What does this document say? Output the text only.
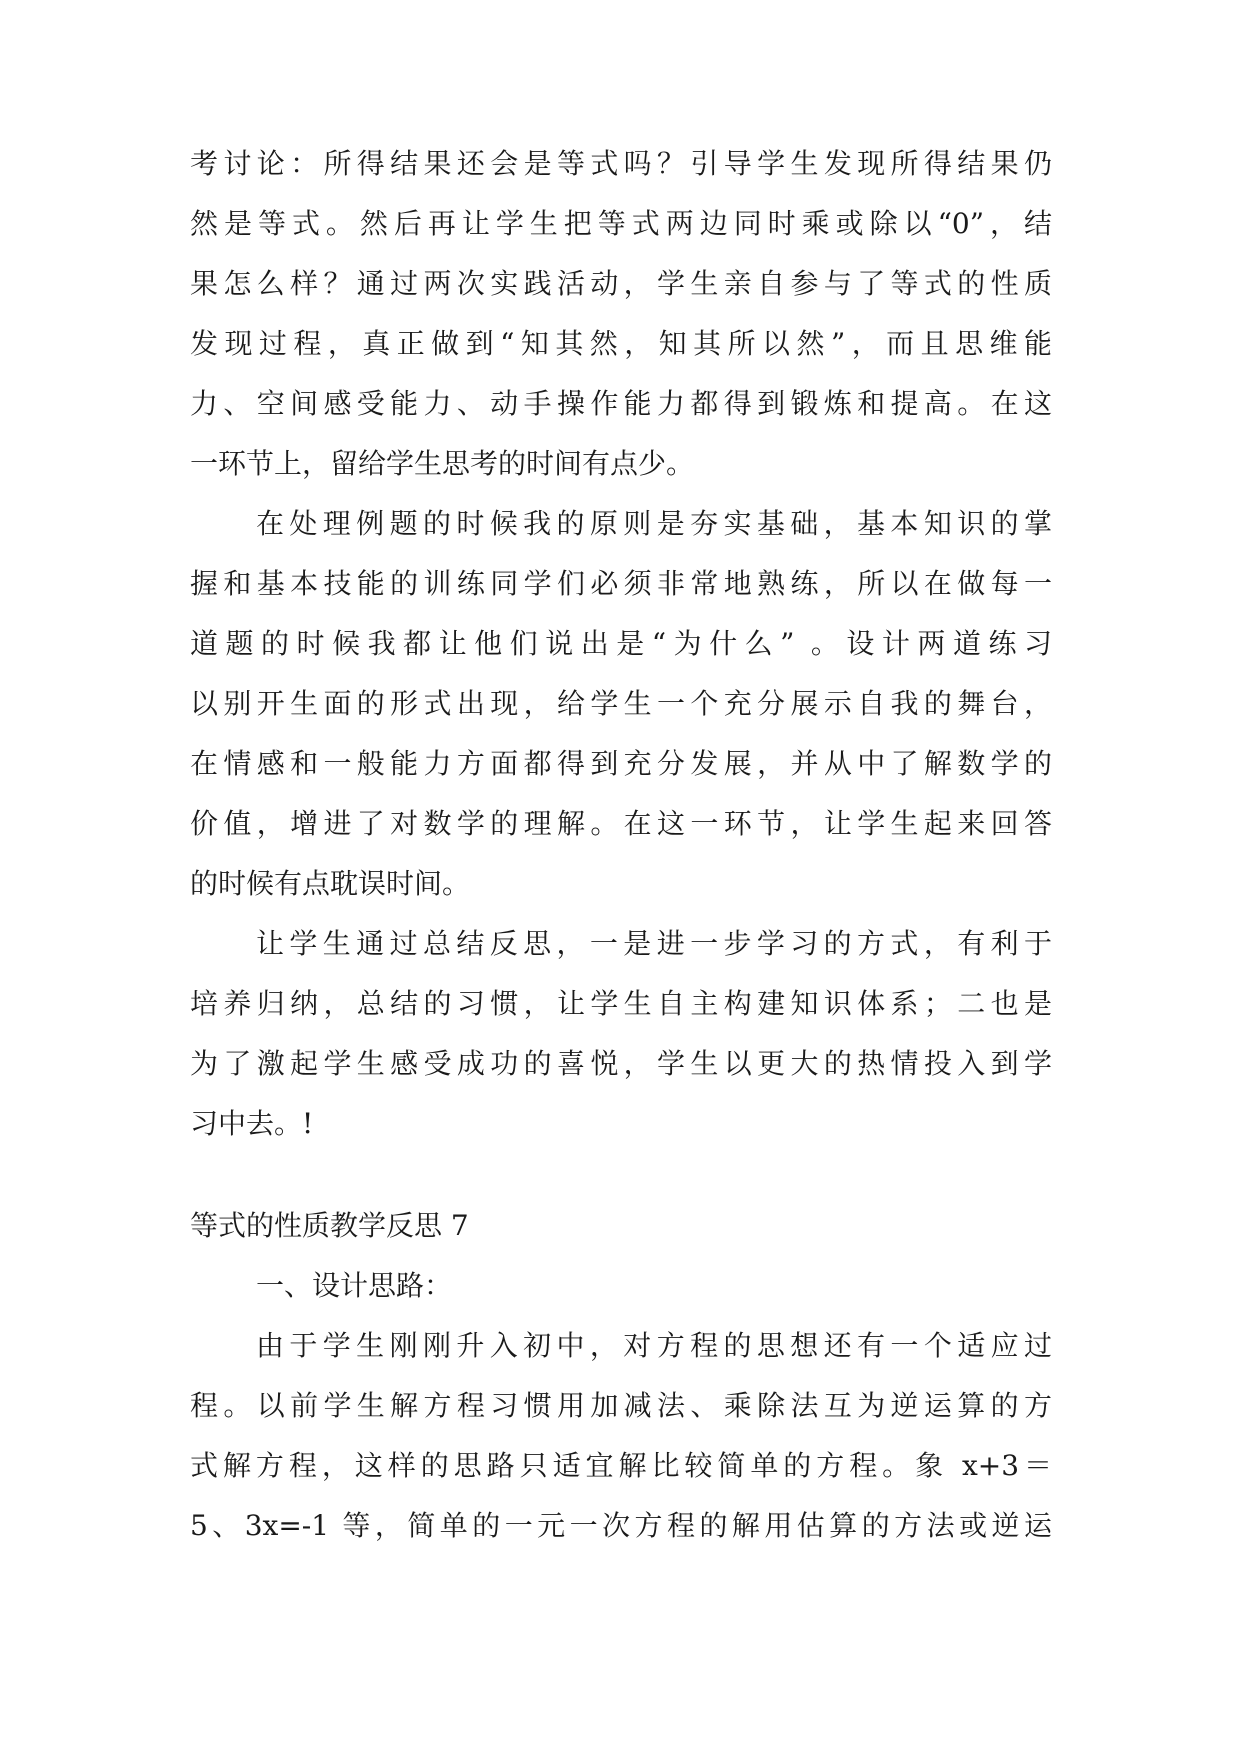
考讨论：所得结果还会是等式吗？引导学生发现所得结果仍
然是等式。然后再让学生把等式两边同时乘或除以“0”，结
果怎么样？通过两次实践活动，学生亲自参与了等式的性质
发现过程，真正做到“知其然，知其所以然”，而且思维能
力、空间感受能力、动手操作能力都得到锻炼和提高。在这
一环节上，留给学生思考的时间有点少。
在处理例题的时候我的原则是夯实基础，基本知识的掌
握和基本技能的训练同学们必须非常地熟练，所以在做每一
道题的时候我都让他们说出是“为什么” 。设计两道练习
以别开生面的形式出现，给学生一个充分展示自我的舞台，
在情感和一般能力方面都得到充分发展，并从中了解数学的
价值，增进了对数学的理解。在这一环节，让学生起来回答
的时候有点耽误时间。
让学生通过总结反思，一是进一步学习的方式，有利于
培养归纳，总结的习惯，让学生自主构建知识体系；二也是
为了激起学生感受成功的喜悦，学生以更大的热情投入到学
习中去。!
等式的性质教学反思 7
一、设计思路：
由于学生刚刚升入初中，对方程的思想还有一个适应过
程。以前学生解方程习惯用加减法、乘除法互为逆运算的方
式解方程，这样的思路只适宜解比较简单的方程。象 x+3＝
5、3x=-1 等，简单的一元一次方程的解用估算的方法或逆运
